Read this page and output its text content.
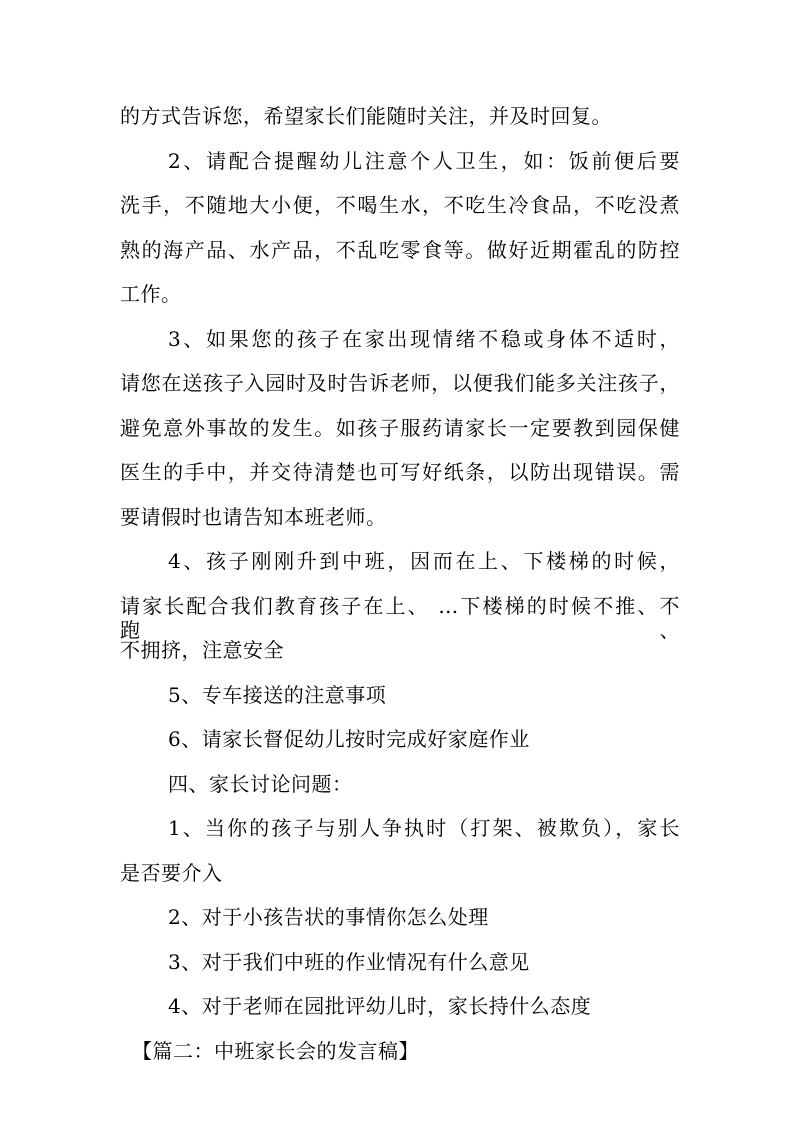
的方式告诉您，希望家长们能随时关注，并及时回复。
2、请配合提醒幼儿注意个人卫生，如：饭前便后要
洗手，不随地大小便，不喝生水，不吃生冷食品，不吃没煮
熟的海产品、水产品，不乱吃零食等。做好近期霍乱的防控
工作。
3、如果您的孩子在家出现情绪不稳或身体不适时，
请您在送孩子入园时及时告诉老师，以便我们能多关注孩子，
避免意外事故的发生。如孩子服药请家长一定要教到园保健
医生的手中，并交待清楚也可写好纸条，以防出现错误。需
要请假时也请告知本班老师。
4、孩子刚刚升到中班，因而在上、下楼梯的时候，
请家长配合我们教育孩子在上、 …下楼梯的时候不推、不跑、
不拥挤，注意安全
5、专车接送的注意事项
6、请家长督促幼儿按时完成好家庭作业
四、家长讨论问题：
1、当你的孩子与别人争执时（打架、被欺负），家长
是否要介入
2、对于小孩告状的事情你怎么处理
3、对于我们中班的作业情况有什么意见
4、对于老师在园批评幼儿时，家长持什么态度
【篇二：中班家长会的发言稿】
